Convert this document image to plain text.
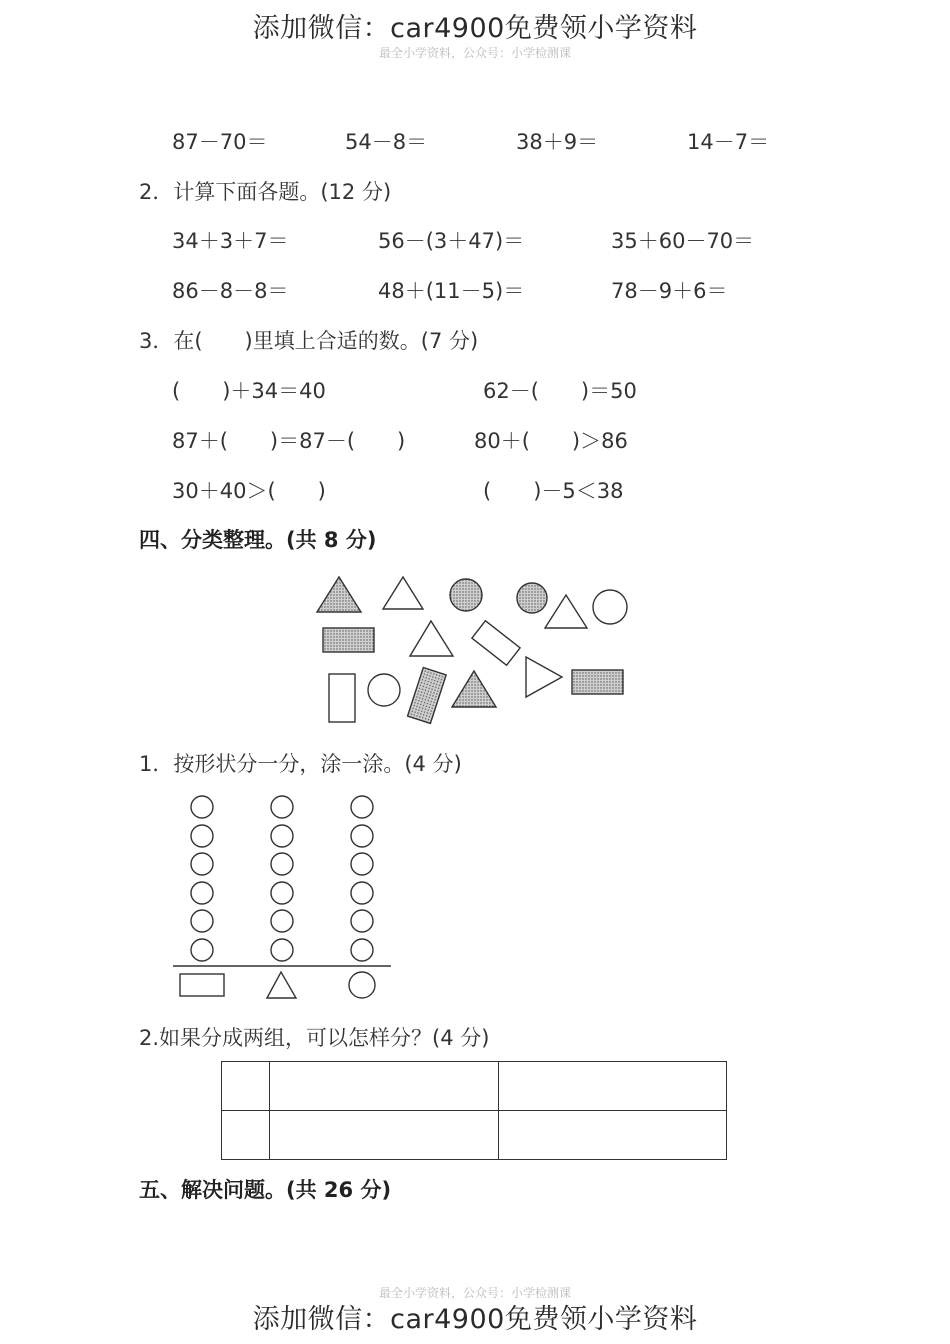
添加微信：car4900免费领小学资料
最全小学资料，公众号：小学检测课
87－70＝	54－8＝	38＋9＝	14－7＝
2．计算下面各题。(12 分)
34＋3＋7＝	56－(3＋47)＝	35＋60－70＝
86－8－8＝	48＋(11－5)＝	78－9＋6＝
3．在(　　)里填上合适的数。(7 分)
(　　)＋34＝40	62－(　　)＝50
87＋(　　)＝87－(　　)	80＋(　　)＞86
30＋40＞(　　)	(　　)－5＜38
四、分类整理。(共 8 分)
1．按形状分一分，涂一涂。(4 分)
2.如果分成两组，可以怎样分？(4 分)

五、解决问题。(共 26 分)
最全小学资料，公众号：小学检测课
添加微信：car4900免费领小学资料
